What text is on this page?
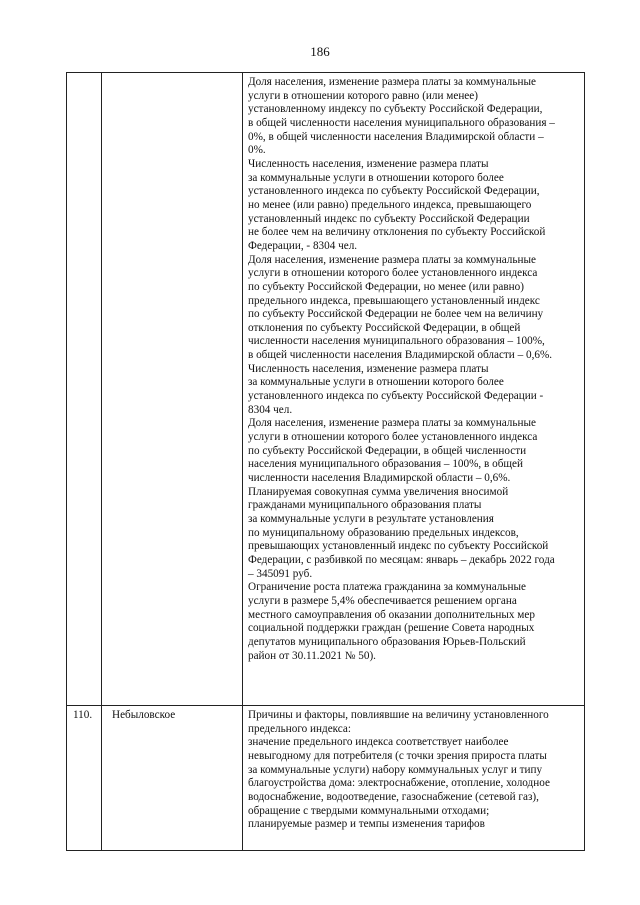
186
Доля населения, изменение размера платы за коммунальные
услуги в отношении которого равно (или менее)
установленному индексу по субъекту Российской Федерации,
в общей численности населения муниципального образования –
0%, в общей численности населения Владимирской области –
0%.
Численность населения, изменение размера платы
за коммунальные услуги в отношении которого более
установленного индекса по субъекту Российской Федерации,
но менее (или равно) предельного индекса, превышающего
установленный индекс по субъекту Российской Федерации
не более чем на величину отклонения по субъекту Российской
Федерации, - 8304 чел.
Доля населения, изменение размера платы за коммунальные
услуги в отношении которого более установленного индекса
по субъекту Российской Федерации, но менее (или равно)
предельного индекса, превышающего установленный индекс
по субъекту Российской Федерации не более чем на величину
отклонения по субъекту Российской Федерации, в общей
численности населения муниципального образования – 100%,
в общей численности населения Владимирской области – 0,6%.
Численность населения, изменение размера платы
за коммунальные услуги в отношении которого более
установленного индекса по субъекту Российской Федерации -
8304 чел.
Доля населения, изменение размера платы за коммунальные
услуги в отношении которого более установленного индекса
по субъекту Российской Федерации, в общей численности
населения муниципального образования – 100%, в общей
численности населения Владимирской области – 0,6%.
Планируемая совокупная сумма увеличения вносимой
гражданами муниципального образования платы
за коммунальные услуги в результате установления
по муниципальному образованию предельных индексов,
превышающих установленный индекс по субъекту Российской
Федерации, с разбивкой по месяцам: январь – декабрь 2022 года
– 345091 руб.
Ограничение роста платежа гражданина за коммунальные
услуги в размере 5,4% обеспечивается решением органа
местного самоуправления об оказании дополнительных мер
социальной поддержки граждан (решение Совета народных
депутатов муниципального образования Юрьев-Польский
район от 30.11.2021 № 50).
110. Небыловское	Причины и факторы, повлиявшие на величину установленного
предельного индекса:
значение предельного индекса соответствует наиболее
невыгодному для потребителя (с точки зрения прироста платы
за коммунальные услуги) набору коммунальных услуг и типу
благоустройства дома: электроснабжение, отопление, холодное
водоснабжение, водоотведение, газоснабжение (сетевой газ),
обращение с твердыми коммунальными отходами;
планируемые размер и темпы изменения тарифов
